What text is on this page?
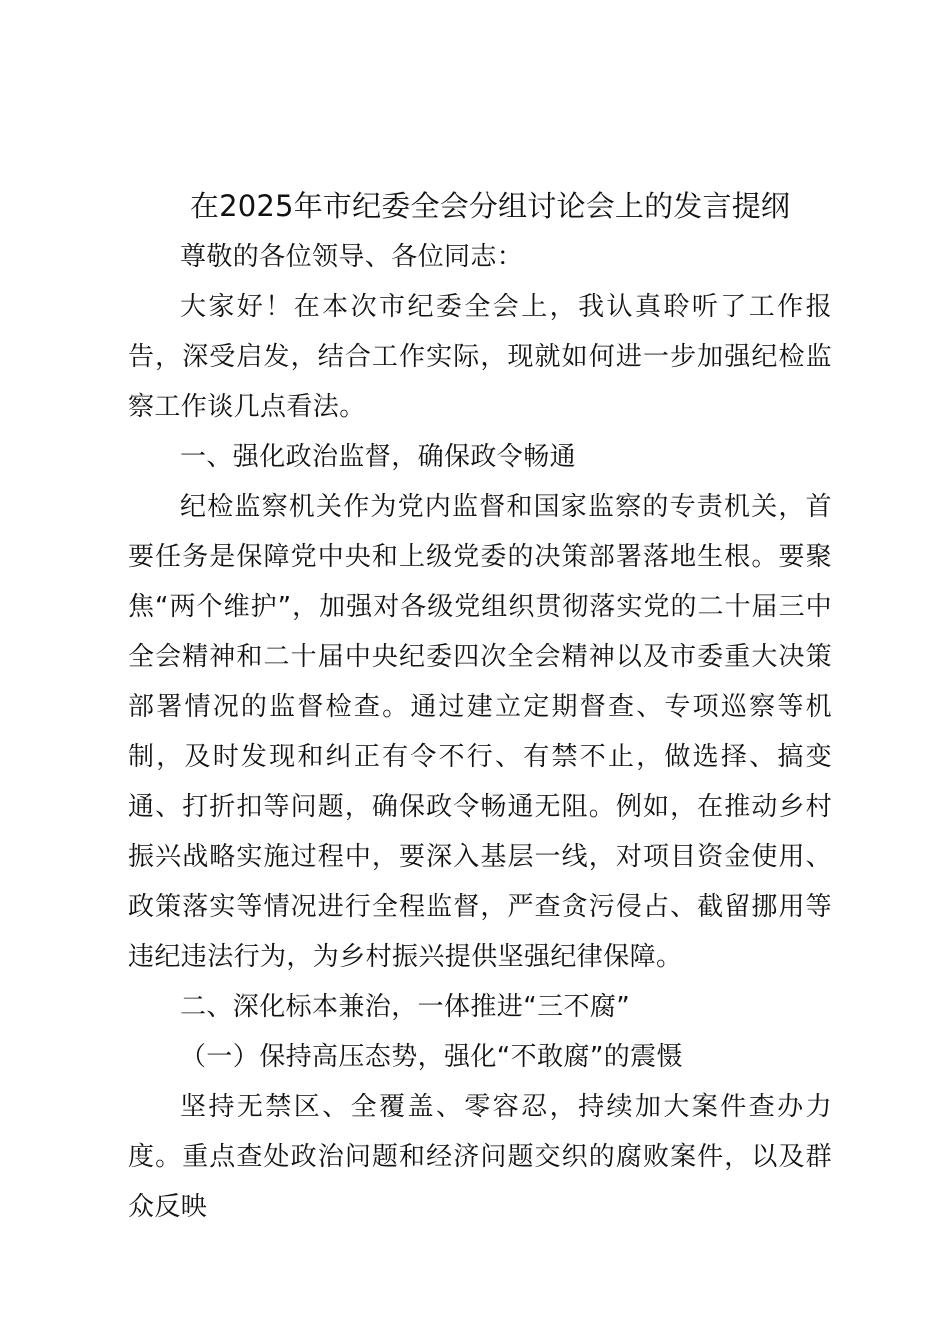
在2025年市纪委全会分组讨论会上的发言提纲

尊敬的各位领导、各位同志：

大家好！在本次市纪委全会上，我认真聆听了工作报告，深受启发，结合工作实际，现就如何进一步加强纪检监察工作谈几点看法。

一、强化政治监督，确保政令畅通

纪检监察机关作为党内监督和国家监察的专责机关，首要任务是保障党中央和上级党委的决策部署落地生根。要聚焦“两个维护”，加强对各级党组织贯彻落实党的二十届三中全会精神和二十届中央纪委四次全会精神以及市委重大决策部署情况的监督检查。通过建立定期督查、专项巡察等机制，及时发现和纠正有令不行、有禁不止，做选择、搞变通、打折扣等问题，确保政令畅通无阻。例如，在推动乡村振兴战略实施过程中，要深入基层一线，对项目资金使用、政策落实等情况进行全程监督，严查贪污侵占、截留挪用等违纪违法行为，为乡村振兴提供坚强纪律保障。

二、深化标本兼治，一体推进“三不腐”

（一）保持高压态势，强化“不敢腐”的震慑

坚持无禁区、全覆盖、零容忍，持续加大案件查办力度。重点查处政治问题和经济问题交织的腐败案件，以及群众反映
